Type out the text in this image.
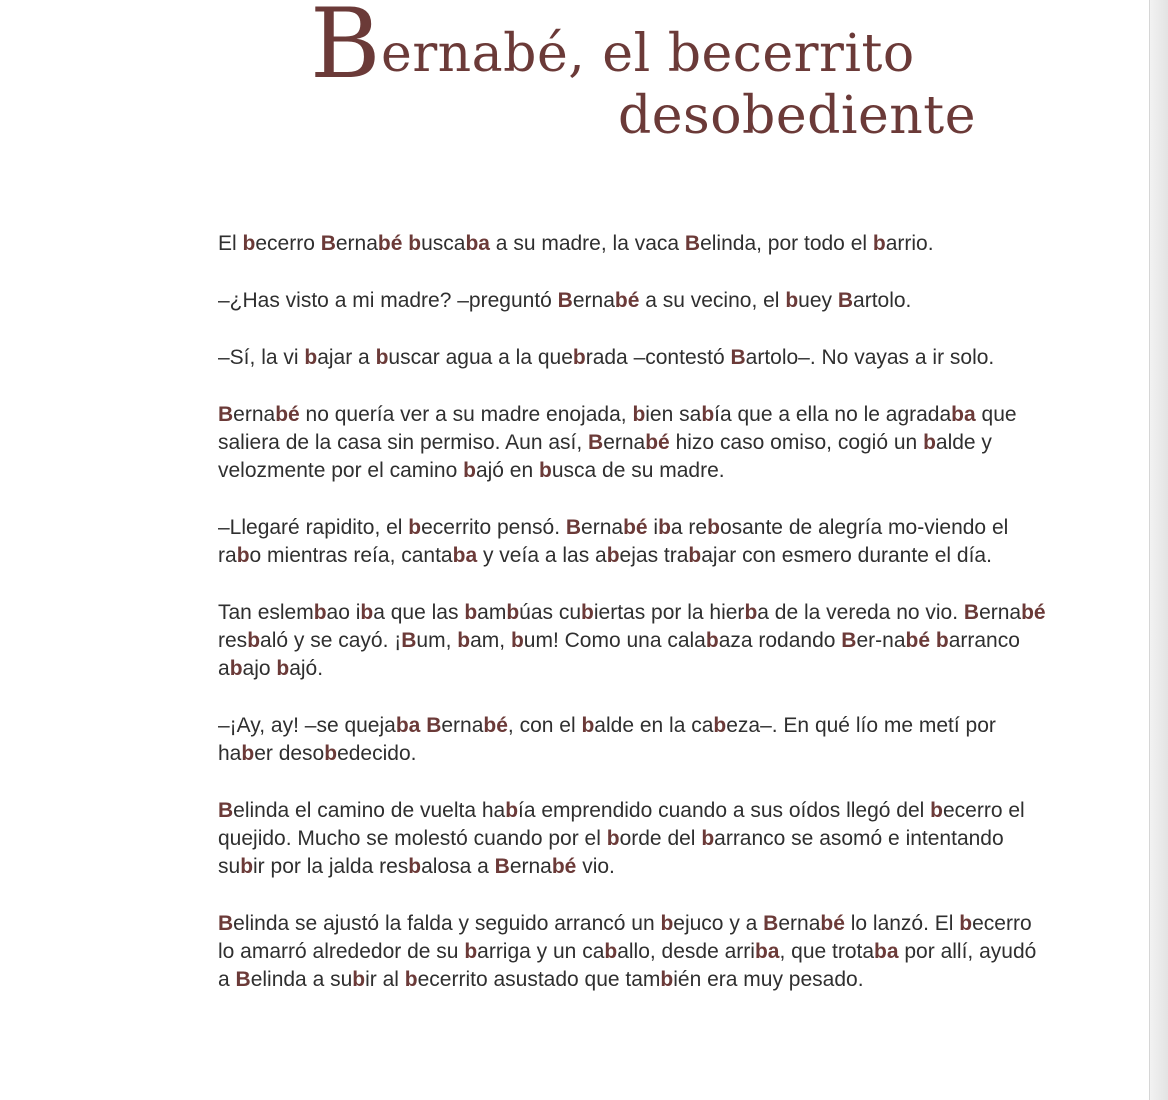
Bernabé, el becerrito
desobediente

El becerro Bernabé buscaba a su madre, la vaca Belinda, por todo el barrio.

–¿Has visto a mi madre? –preguntó Bernabé a su vecino, el buey Bartolo.

–Sí, la vi bajar a buscar agua a la quebrada –contestó Bartolo–. No vayas a ir solo.

Bernabé no quería ver a su madre enojada, bien sabía que a ella no le agradaba que saliera de la casa sin permiso. Aun así, Bernabé hizo caso omiso, cogió un balde y velozmente por el camino bajó en busca de su madre.

–Llegaré rapidito, el becerrito pensó. Bernabé iba rebosante de alegría mo-viendo el rabo mientras reía, cantaba y veía a las abejas trabajar con esmero durante el día.

Tan eslembao iba que las bambúas cubiertas por la hierba de la vereda no vio. Bernabé resbaló y se cayó. ¡Bum, bam, bum! Como una calabaza rodando Ber-nabé barranco abajo bajó.

–¡Ay, ay! –se quejaba Bernabé, con el balde en la cabeza–. En qué lío me metí por haber desobedecido.

Belinda el camino de vuelta había emprendido cuando a sus oídos llegó del becerro el quejido. Mucho se molestó cuando por el borde del barranco se asomó e intentando subir por la jalda resbalosa a Bernabé vio.

Belinda se ajustó la falda y seguido arrancó un bejuco y a Bernabé lo lanzó. El becerro lo amarró alrededor de su barriga y un caballo, desde arriba, que trotaba por allí, ayudó a Belinda a subir al becerrito asustado que también era muy pesado.
